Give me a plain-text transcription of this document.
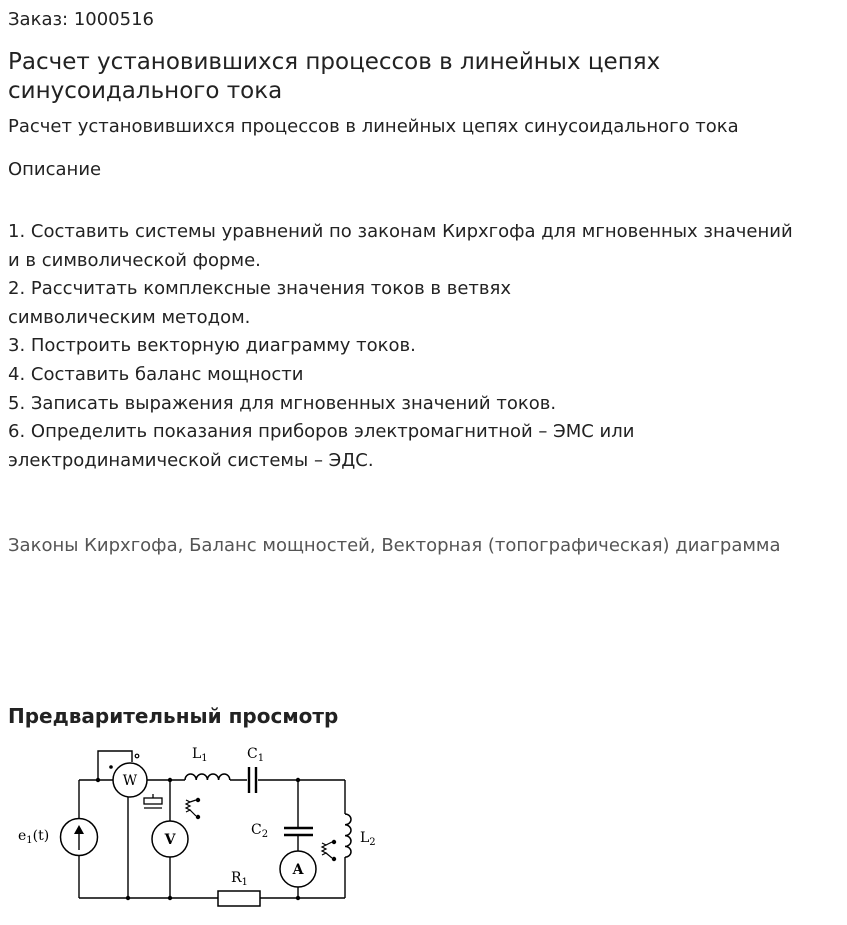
Заказ: 1000516
Расчет установившихся процессов в линейных цепях
синусоидального тока
Расчет установившихся процессов в линейных цепях синусоидального тока
Описание
1. Составить системы уравнений по законам Кирхгофа для мгновенных значений
и в символической форме.
2. Рассчитать комплексные значения токов в ветвях
символическим методом.
3. Построить векторную диаграмму токов.
4. Составить баланс мощности
5. Записать выражения для мгновенных значений токов.
6. Определить показания приборов электромагнитной – ЭМС или
электродинамической системы – ЭДС.
Законы Кирхгофа, Баланс мощностей, Векторная (топографическая) диаграмма
Предварительный просмотр
$e_1(t)$
W
V
A
$L_1$	$C_1$
$C_2$	$L_2$
$R_1$
